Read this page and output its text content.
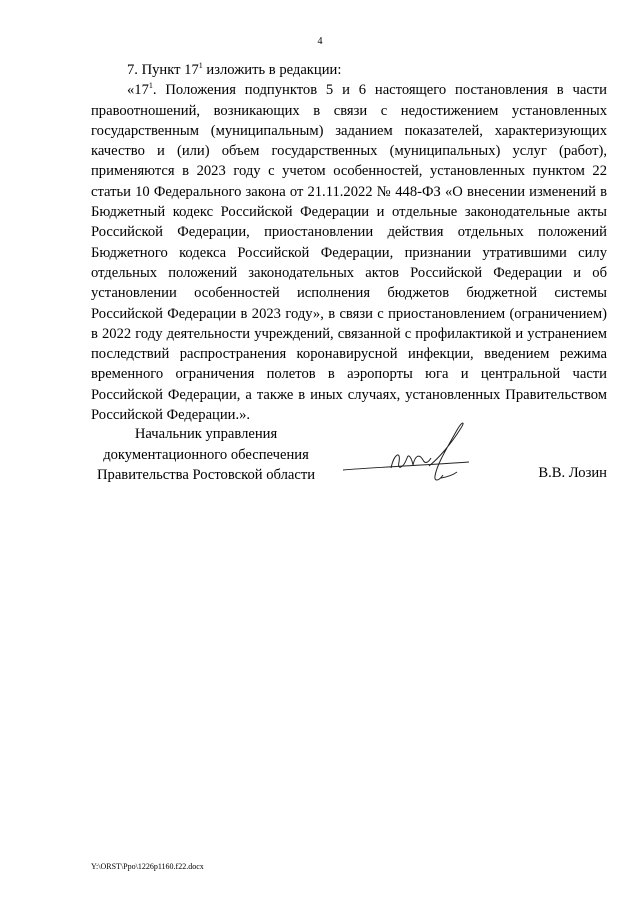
4

7. Пункт $17^1$ изложить в редакции:

«$17^1$. Положения подпунктов 5 и 6 настоящего постановления в части правоотношений, возникающих в связи с недостижением установленных государственным (муниципальным) заданием показателей, характеризующих качество и (или) объем государственных (муниципальных) услуг (работ), применяются в 2023 году с учетом особенностей, установленных пунктом 22 статьи 10 Федерального закона от 21.11.2022 № 448-ФЗ «О внесении изменений в Бюджетный кодекс Российской Федерации и отдельные законодательные акты Российской Федерации, приостановлении действия отдельных положений Бюджетного кодекса Российской Федерации, признании утратившими силу отдельных положений законодательных актов Российской Федерации и об установлении особенностей исполнения бюджетов бюджетной системы Российской Федерации в 2023 году», в связи с приостановлением (ограничением) в 2022 году деятельности учреждений, связанной с профилактикой и устранением последствий распространения коронавирусной инфекции, введением режима временного ограничения полетов в аэропорты юга и центральной части Российской Федерации, а также в иных случаях, установленных Правительством Российской Федерации.».

Начальник управления
документационного обеспечения
Правительства Ростовской области	В.В. Лозин
Y:\ORST\Ppo\1226p1160.f22.docx
